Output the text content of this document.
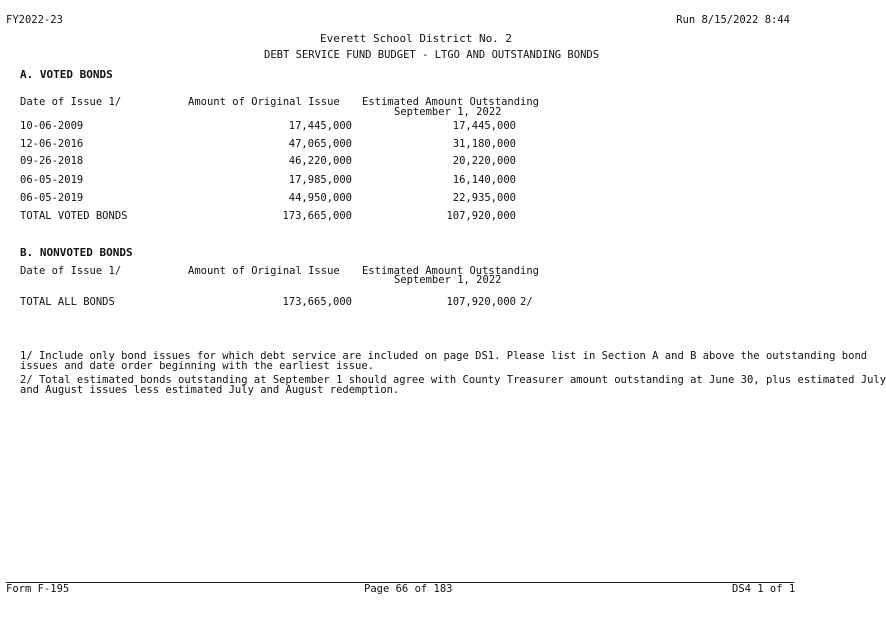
FY2022-23	Run 8/15/2022 8:44
Everett School District No. 2
DEBT SERVICE FUND BUDGET - LTGO AND OUTSTANDING BONDS
A. VOTED BONDS
Date of Issue 1/	Amount of Original Issue	Estimated Amount Outstanding
September 1, 2022
10-06-2009	17,445,000	17,445,000
12-06-2016	47,065,000	31,180,000
09-26-2018	46,220,000	20,220,000
06-05-2019	17,985,000	16,140,000
06-05-2019	44,950,000	22,935,000
TOTAL VOTED BONDS	173,665,000	107,920,000
B. NONVOTED BONDS
Date of Issue 1/	Amount of Original Issue	Estimated Amount Outstanding
September 1, 2022
TOTAL ALL BONDS	173,665,000	107,920,000 2/
1/ Include only bond issues for which debt service are included on page DS1. Please list in Section A and B above the outstanding bond
issues and date order beginning with the earliest issue.
2/ Total estimated bonds outstanding at September 1 should agree with County Treasurer amount outstanding at June 30, plus estimated July
and August issues less estimated July and August redemption.
Form F-195	Page 66 of 183	DS4 1 of 1
